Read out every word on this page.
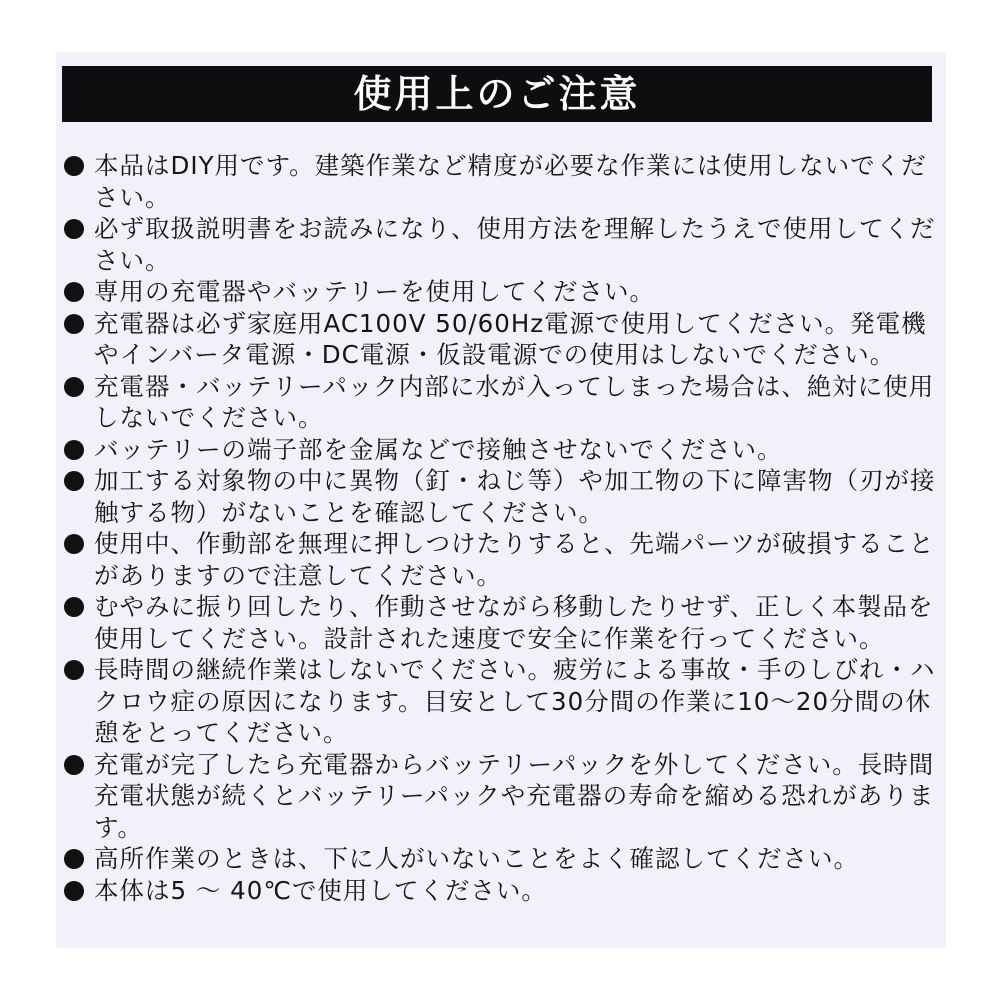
使用上のご注意
本品はDIY用です。建築作業など精度が必要な作業には使用しないでください。
必ず取扱説明書をお読みになり、使用方法を理解したうえで使用してください。
専用の充電器やバッテリーを使用してください。
充電器は必ず家庭用AC100V 50/60Hz電源で使用してください。発電機やインバータ電源・DC電源・仮設電源での使用はしないでください。
充電器・バッテリーパック内部に水が入ってしまった場合は、絶対に使用しないでください。
バッテリーの端子部を金属などで接触させないでください。
加工する対象物の中に異物（釘・ねじ等）や加工物の下に障害物（刃が接触する物）がないことを確認してください。
使用中、作動部を無理に押しつけたりすると、先端パーツが破損することがありますので注意してください。
むやみに振り回したり、作動させながら移動したりせず、正しく本製品を使用してください。設計された速度で安全に作業を行ってください。
長時間の継続作業はしないでください。疲労による事故・手のしびれ・ハクロウ症の原因になります。目安として30分間の作業に10〜20分間の休憩をとってください。
充電が完了したら充電器からバッテリーパックを外してください。長時間充電状態が続くとバッテリーパックや充電器の寿命を縮める恐れがあります。
高所作業のときは、下に人がいないことをよく確認してください。
本体は5 〜 40℃で使用してください。
